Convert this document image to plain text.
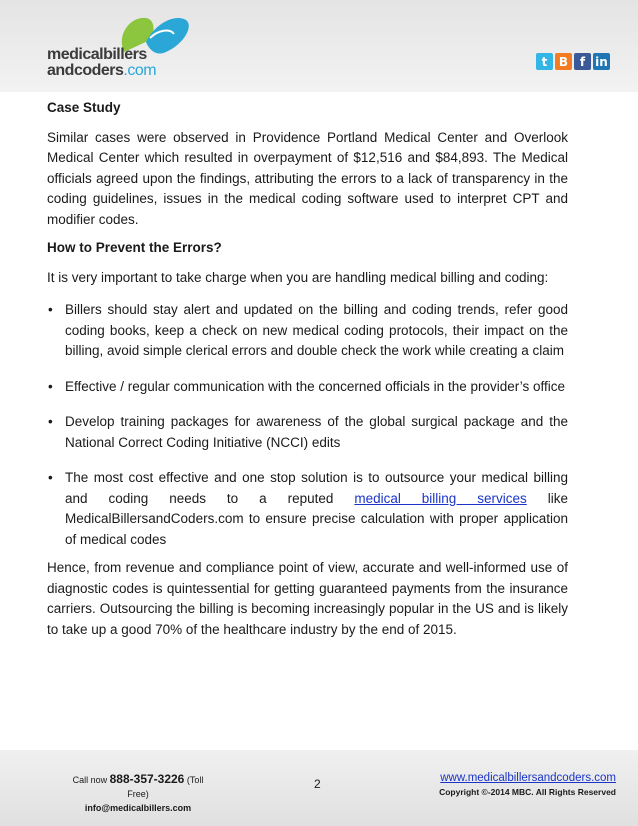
medicalbillers
andcoders.com
t B f in
Case Study

Similar cases were observed in Providence Portland Medical Center and Overlook Medical Center which resulted in overpayment of $12,516 and $84,893. The Medical officials agreed upon the findings, attributing the errors to a lack of transparency in the coding guidelines, issues in the medical coding software used to interpret CPT and modifier codes.

How to Prevent the Errors?

It is very important to take charge when you are handling medical billing and coding:

• Billers should stay alert and updated on the billing and coding trends, refer good coding books, keep a check on new medical coding protocols, their impact on the billing, avoid simple clerical errors and double check the work while creating a claim
• Effective / regular communication with the concerned officials in the provider’s office
• Develop training packages for awareness of the global surgical package and the National Correct Coding Initiative (NCCI) edits
• The most cost effective and one stop solution is to outsource your medical billing and coding needs to a reputed medical billing services like MedicalBillersandCoders.com to ensure precise calculation with proper application of medical codes

Hence, from revenue and compliance point of view, accurate and well-informed use of diagnostic codes is quintessential for getting guaranteed payments from the insurance carriers. Outsourcing the billing is becoming increasingly popular in the US and is likely to take up a good 70% of the healthcare industry by the end of 2015.

Call now 888-357-3226 (Toll Free)
info@medicalbillers.com
2	www.medicalbillersandcoders.com
Copyright ©-2014 MBC. All Rights Reserved
